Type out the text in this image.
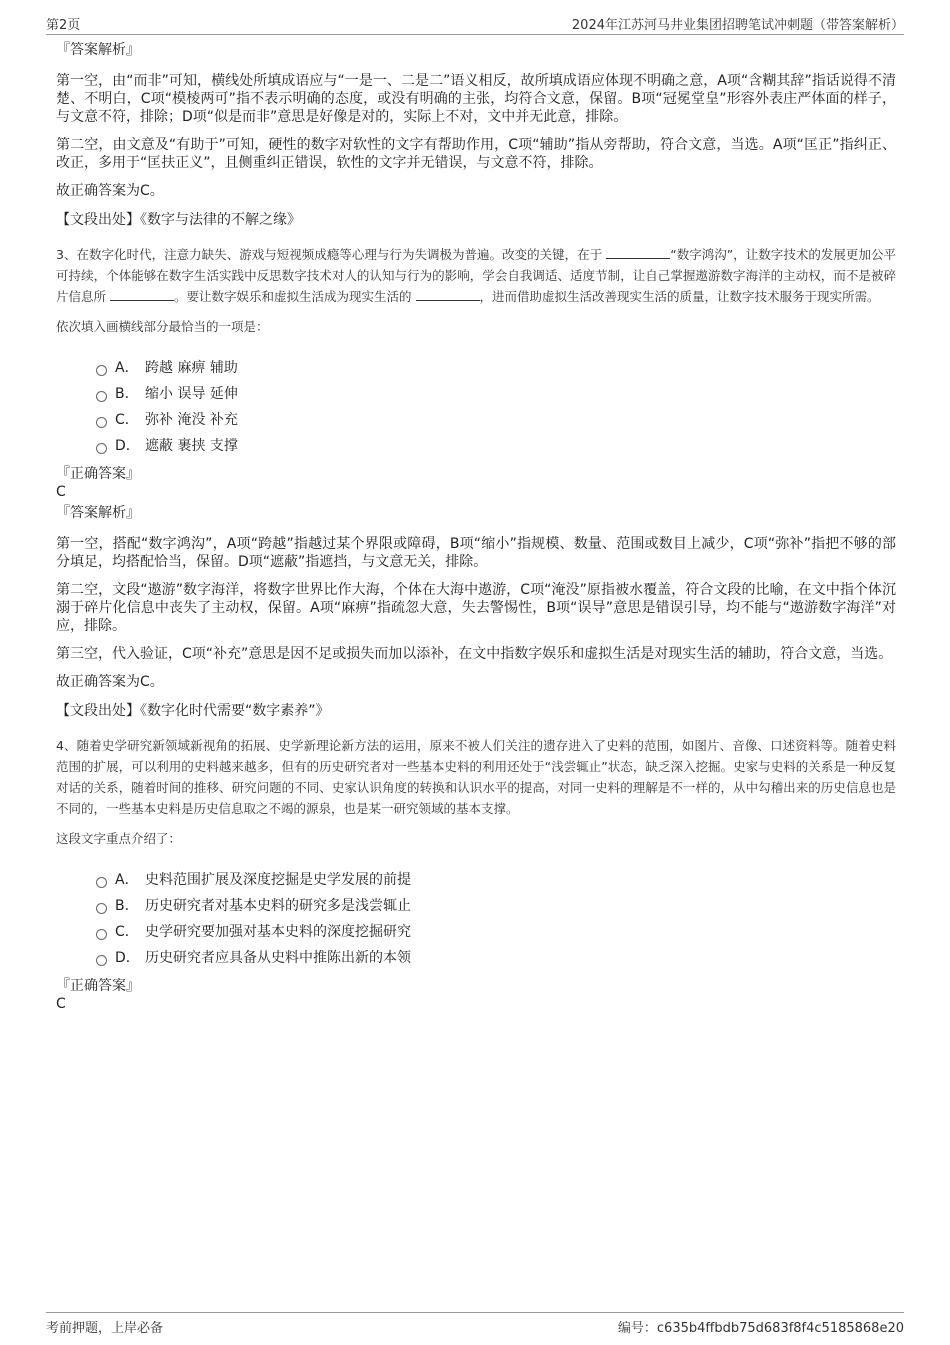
第2页	2024年江苏河马井业集团招聘笔试冲刺题（带答案解析）
『答案解析』

第一空，由“而非”可知，横线处所填成语应与“一是一、二是二”语义相反，故所填成语应体现不明确之意，A项“含糊其辞”指话说得不清楚、不明白，C项“模棱两可”指不表示明确的态度，或没有明确的主张，均符合文意，保留。B项“冠冕堂皇”形容外表庄严体面的样子，与文意不符，排除；D项“似是而非”意思是好像是对的，实际上不对，文中并无此意，排除。

第二空，由文意及“有助于”可知，硬性的数字对软性的文字有帮助作用，C项“辅助”指从旁帮助，符合文意，当选。A项“匡正”指纠正、改正，多用于“匡扶正义”，且侧重纠正错误，软性的文字并无错误，与文意不符，排除。

故正确答案为C。

【文段出处】《数字与法律的不解之缘》

3、在数字化时代，注意力缺失、游戏与短视频成瘾等心理与行为失调极为普遍。改变的关键，在于	“数字鸿沟”，让数字技术的发展更加公平可持续，个体能够在数字生活实践中反思数字技术对人的认知与行为的影响，学会自我调适、适度节制，让自己掌握遨游数字海洋的主动权，而不是被碎片信息所	。要让数字娱乐和虚拟生活成为现实生活的	，进而借助虚拟生活改善现实生活的质量，让数字技术服务于现实所需。

依次填入画横线部分最恰当的一项是：
A． 跨越 麻痹 辅助
B． 缩小 误导 延伸
C． 弥补 淹没 补充
D． 遮蔽 裹挟 支撑
『正确答案』
C
『答案解析』

第一空，搭配“数字鸿沟”，A项“跨越”指越过某个界限或障碍，B项“缩小”指规模、数量、范围或数目上减少，C项“弥补”指把不够的部分填足，均搭配恰当，保留。D项“遮蔽”指遮挡，与文意无关，排除。

第二空，文段“遨游”数字海洋，将数字世界比作大海，个体在大海中遨游，C项“淹没”原指被水覆盖，符合文段的比喻，在文中指个体沉溺于碎片化信息中丧失了主动权，保留。A项“麻痹”指疏忽大意，失去警惕性，B项“误导”意思是错误引导，均不能与“遨游数字海洋”对应，排除。

第三空，代入验证，C项“补充”意思是因不足或损失而加以添补，在文中指数字娱乐和虚拟生活是对现实生活的辅助，符合文意，当选。

故正确答案为C。

【文段出处】《数字化时代需要“数字素养”》

4、随着史学研究新领域新视角的拓展、史学新理论新方法的运用，原来不被人们关注的遗存进入了史料的范围，如图片、音像、口述资料等。随着史料范围的扩展，可以利用的史料越来越多，但有的历史研究者对一些基本史料的利用还处于“浅尝辄止”状态，缺乏深入挖掘。史家与史料的关系是一种反复对话的关系，随着时间的推移、研究问题的不同、史家认识角度的转换和认识水平的提高，对同一史料的理解是不一样的，从中勾稽出来的历史信息也是不同的，一些基本史料是历史信息取之不竭的源泉，也是某一研究领域的基本支撑。

这段文字重点介绍了：
A． 史料范围扩展及深度挖掘是史学发展的前提
B． 历史研究者对基本史料的研究多是浅尝辄止
C． 史学研究要加强对基本史料的深度挖掘研究
D． 历史研究者应具备从史料中推陈出新的本领
『正确答案』
C
考前押题，上岸必备	编号：c635b4ffbdb75d683f8f4c5185868e20
